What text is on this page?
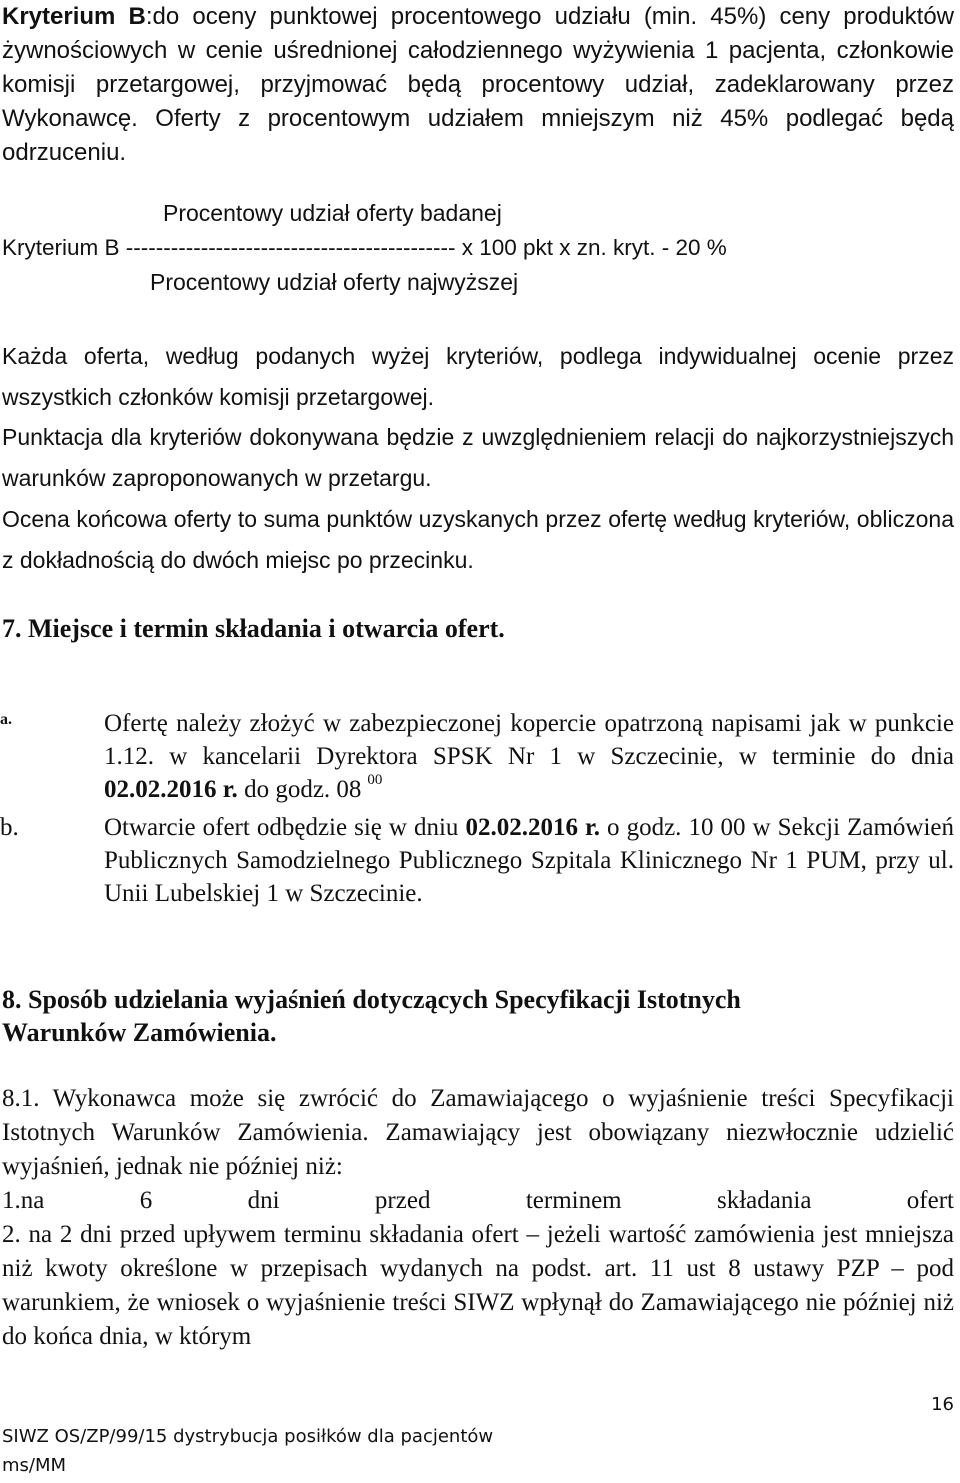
Kryterium B:do oceny punktowej procentowego udziału (min. 45%) ceny produktów żywnościowych w cenie uśrednionej całodziennego wyżywienia 1 pacjenta, członkowie komisji przetargowej, przyjmować będą procentowy udział, zadeklarowany przez Wykonawcę. Oferty z procentowym udziałem mniejszym niż 45% podlegać będą odrzuceniu.

Procentowy udział oferty badanej
Kryterium B -------------------------------------------- x 100 pkt x zn. kryt. - 20 %
Procentowy udział oferty najwyższej

Każda oferta, według podanych wyżej kryteriów, podlega indywidualnej ocenie przez wszystkich członków komisji przetargowej.

Punktacja dla kryteriów dokonywana będzie z uwzględnieniem relacji do najkorzystniejszych warunków zaproponowanych w przetargu.

Ocena końcowa oferty to suma punktów uzyskanych przez ofertę według kryteriów, obliczona z dokładnością do dwóch miejsc po przecinku.

7. Miejsce i termin składania i otwarcia ofert.
a.	Ofertę należy złożyć w zabezpieczonej kopercie opatrzoną napisami jak w punkcie 1.12. w kancelarii Dyrektora SPSK Nr 1 w Szczecinie, w terminie do dnia 02.02.2016 r. do godz. 08 $^{00}$
b.	Otwarcie ofert odbędzie się w dniu 02.02.2016 r. o godz. 10 00 w Sekcji Zamówień Publicznych Samodzielnego Publicznego Szpitala Klinicznego Nr 1 PUM, przy ul. Unii Lubelskiej 1 w Szczecinie.

8. Sposób udzielania wyjaśnień dotyczących Specyfikacji Istotnych Warunków Zamówienia.

8.1. Wykonawca może się zwrócić do Zamawiającego o wyjaśnienie treści Specyfikacji Istotnych Warunków Zamówienia. Zamawiający jest obowiązany niezwłocznie udzielić wyjaśnień, jednak nie później niż:

1.na 6 dni przed terminem składania ofert

2. na 2 dni przed upływem terminu składania ofert – jeżeli wartość zamówienia jest mniejsza niż kwoty określone w przepisach wydanych na podst. art. 11 ust 8 ustawy PZP – pod warunkiem, że wniosek o wyjaśnienie treści SIWZ wpłynął do Zamawiającego nie później niż do końca dnia, w którym

16
SIWZ OS/ZP/99/15 dystrybucja posiłków dla pacjentów
ms/MM
